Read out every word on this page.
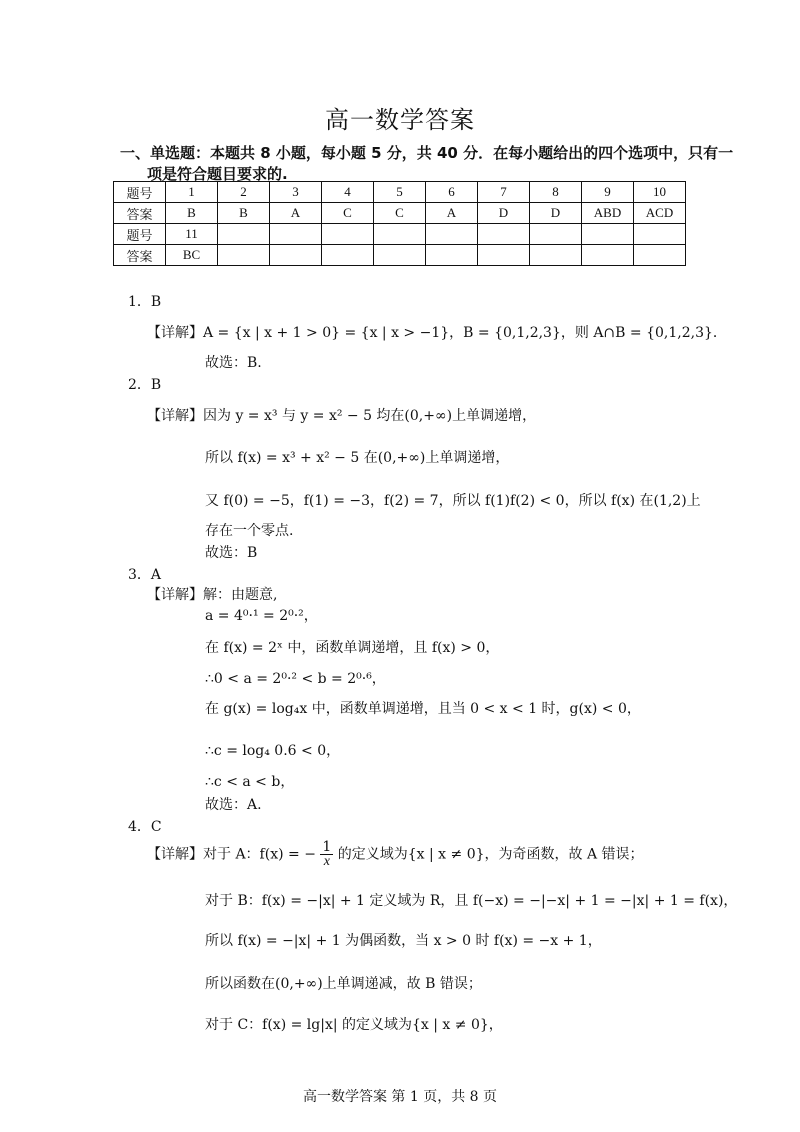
高一数学答案
一、单选题：本题共 8 小题，每小题 5 分，共 40 分．在每小题给出的四个选项中，只有一
项是符合题目要求的.
题号	1	2	3	4	5	6	7	8	9	10
答案	B	B	A	C	C	A	D	D	ABD	ACD
题号	11									
答案	BC									
1．B
【详解】A = {x | x + 1 > 0} = {x | x > −1}，B = {0,1,2,3}，则 A∩B = {0,1,2,3}．
故选：B.
2．B
【详解】因为 y = x³ 与 y = x² − 5 均在(0,+∞)上单调递增，
所以 f(x) = x³ + x² − 5 在(0,+∞)上单调递增，
又 f(0) = −5，f(1) = −3，f(2) = 7，所以 f(1)f(2) < 0，所以 f(x) 在(1,2)上
存在一个零点.
故选：B
3．A
【详解】解：由题意,
a = 4⁰·¹ = 2⁰·²，
在 f(x) = 2ˣ 中，函数单调递增，且 f(x) > 0，
∴0 < a = 2⁰·² < b = 2⁰·⁶，
在 g(x) = log₄x 中，函数单调递增，且当 0 < x < 1 时，g(x) < 0，
∴c = log₄ 0.6 < 0，
∴c < a < b，
故选：A.
4．C
【详解】对于 A：f(x) = − $\frac{1}{x}$ 的定义域为{x | x ≠ 0}，为奇函数，故 A 错误；
对于 B：f(x) = −|x| + 1 定义域为 R，且 f(−x) = −|−x| + 1 = −|x| + 1 = f(x)，
所以 f(x) = −|x| + 1 为偶函数，当 x > 0 时 f(x) = −x + 1，
所以函数在(0,+∞)上单调递减，故 B 错误；
对于 C：f(x) = lg|x| 的定义域为{x | x ≠ 0}，
高一数学答案 第 1 页，共 8 页
